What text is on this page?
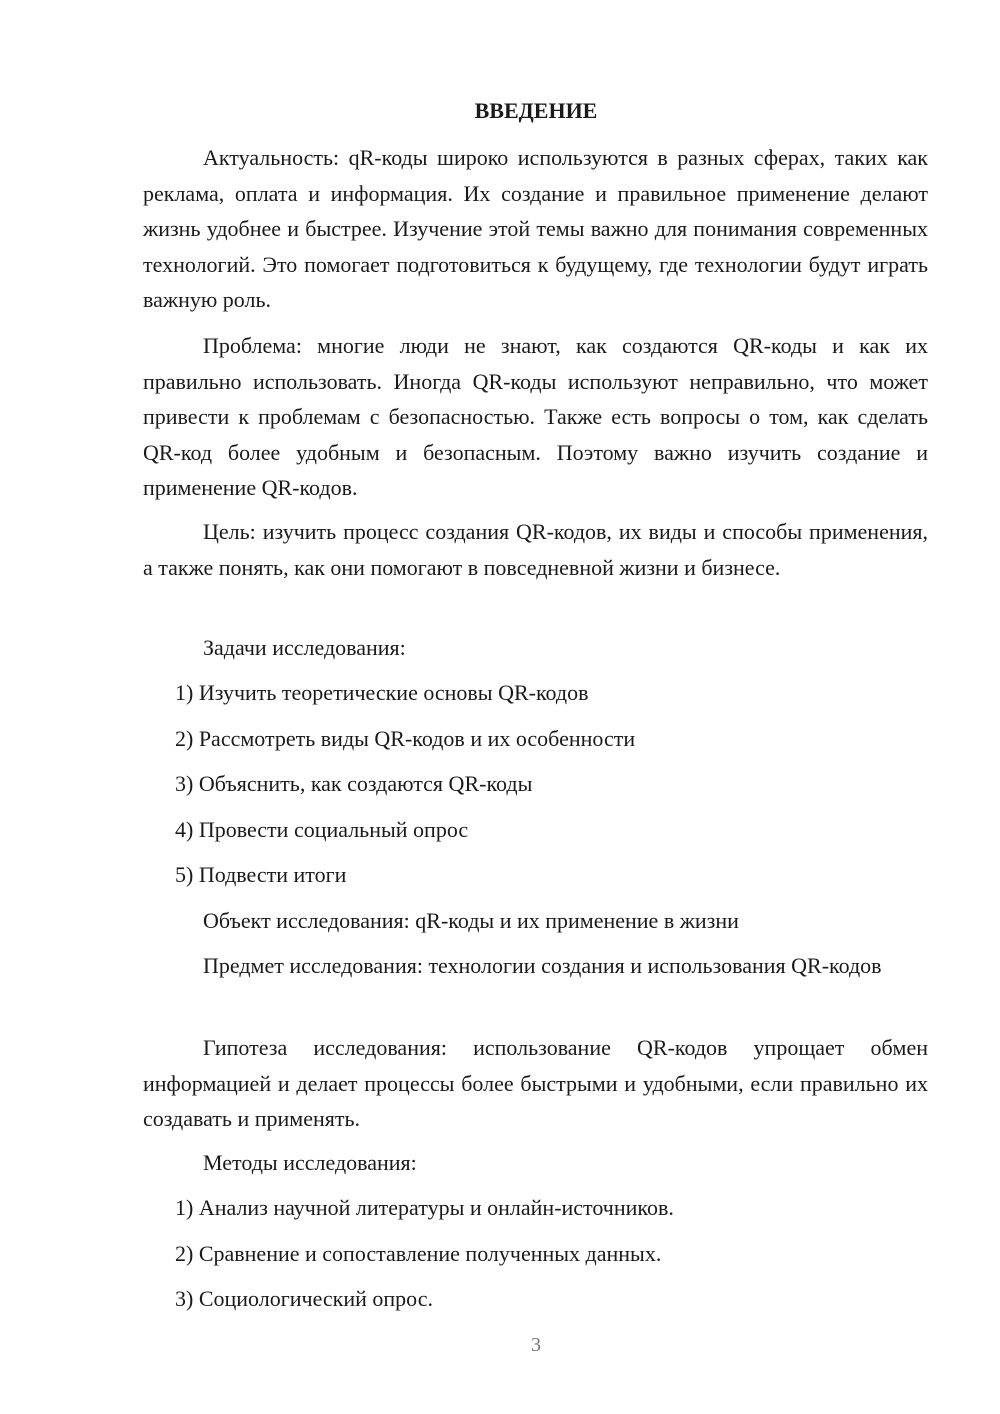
ВВЕДЕНИЕ

Актуальность: qR-коды широко используются в разных сферах, таких как реклама, оплата и информация. Их создание и правильное применение делают жизнь удобнее и быстрее. Изучение этой темы важно для понимания современных технологий. Это помогает подготовиться к будущему, где технологии будут играть важную роль.

Проблема: многие люди не знают, как создаются QR-коды и как их правильно использовать. Иногда QR-коды используют неправильно, что может привести к проблемам с безопасностью. Также есть вопросы о том, как сделать QR-код более удобным и безопасным. Поэтому важно изучить создание и применение QR-кодов.

Цель: изучить процесс создания QR-кодов, их виды и способы применения, а также понять, как они помогают в повседневной жизни и бизнесе.

Задачи исследования:
1) Изучить теоретические основы QR-кодов
2) Рассмотреть виды QR-кодов и их особенности
3) Объяснить, как создаются QR-коды
4) Провести социальный опрос
5) Подвести итоги
Объект исследования: qR-коды и их применение в жизни

Предмет исследования: технологии создания и использования QR-кодов

Гипотеза исследования: использование QR-кодов упрощает обмен информацией и делает процессы более быстрыми и удобными, если правильно их создавать и применять.

Методы исследования:
1) Анализ научной литературы и онлайн-источников.
2) Сравнение и сопоставление полученных данных.
3) Социологический опрос.
3
